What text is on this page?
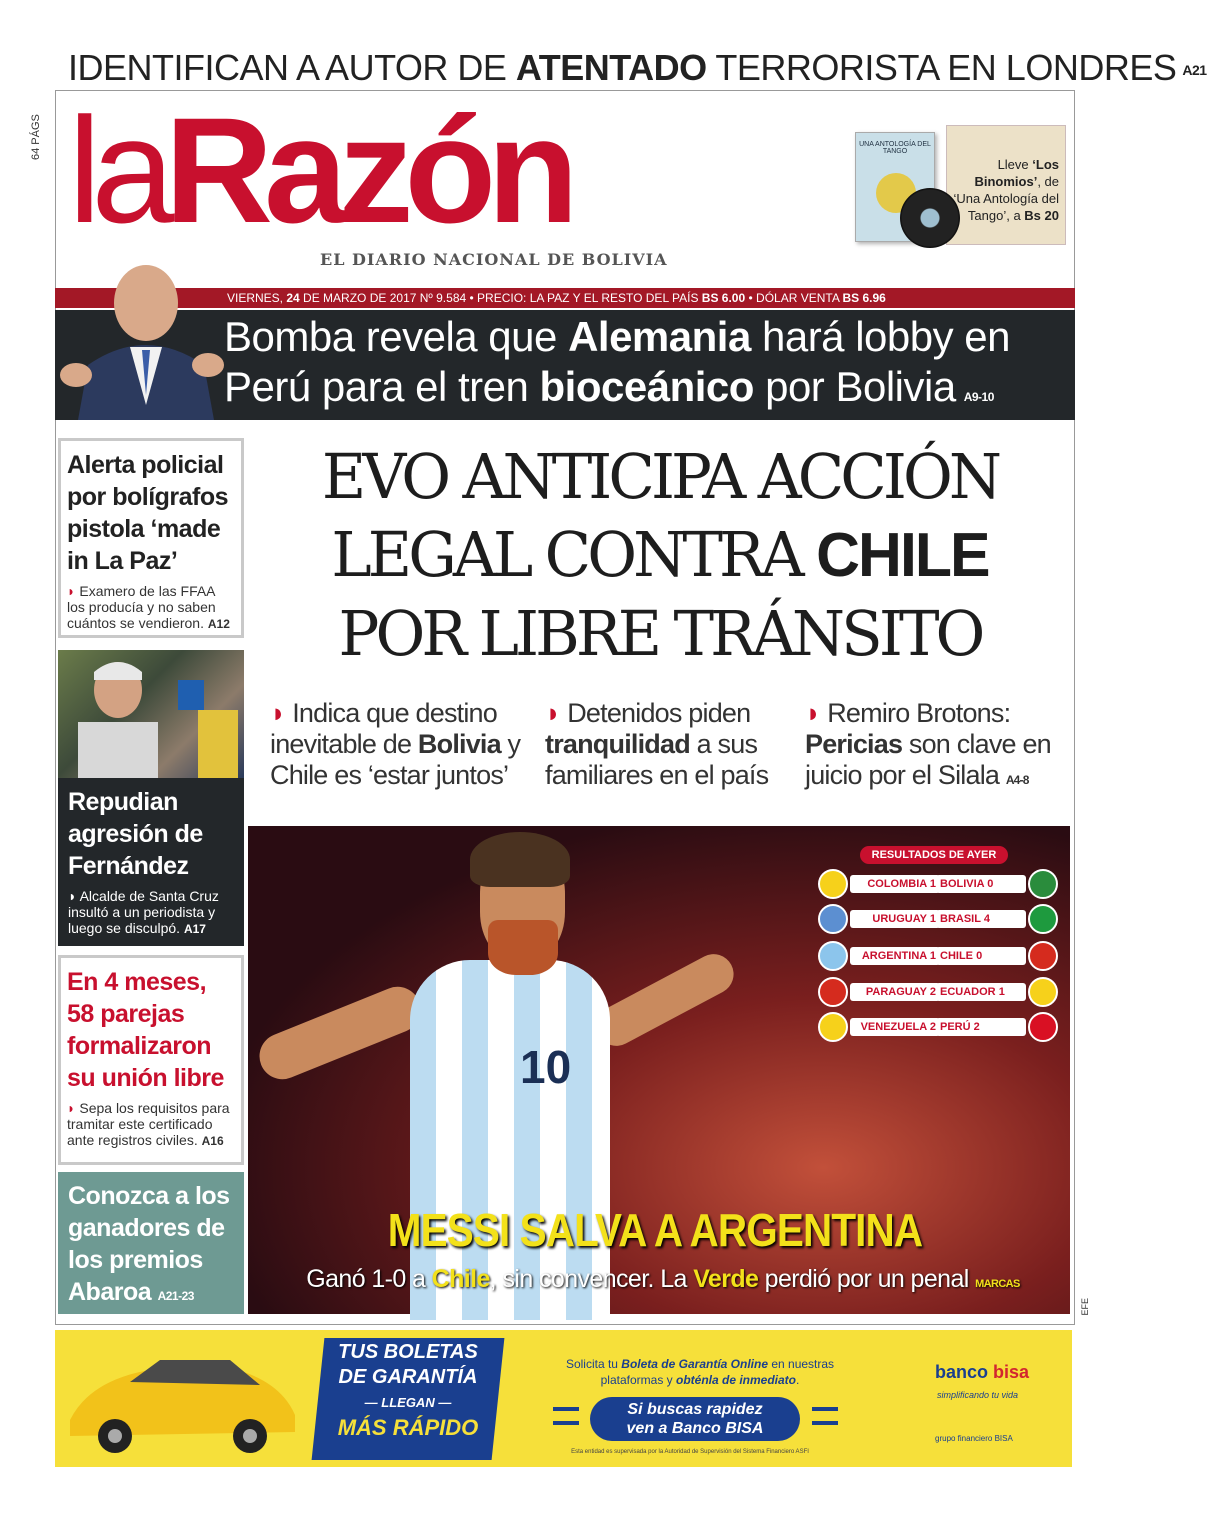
IDENTIFICAN A AUTOR DE ATENTADO TERRORISTA EN LONDRES A21
64 PÁGS laRazón
EL DIARIO NACIONAL DE BOLIVIA
UNA ANTOLOGÍA DEL TANGO
Lleve ‘Los Binomios’, de ‘Una Antología del Tango’, a Bs 20
VIERNES, 24 DE MARZO DE 2017 Nº 9.584 • PRECIO: LA PAZ Y EL RESTO DEL PAÍS BS 6.00 • DÓLAR VENTA BS 6.96
Bomba revela que Alemania hará lobby en Perú para el tren bioceánico por Bolivia A9-10
Alerta policial por bolígrafos pistola ‘made in La Paz’
◗ Examero de las FFAA los producía y no saben cuántos se vendieron. A12
Repudian agresión de Fernández
◗ Alcalde de Santa Cruz insultó a un periodista y luego se disculpó. A17
En 4 meses, 58 parejas formalizaron su unión libre
◗ Sepa los requisitos para tramitar este certificado ante registros civiles. A16
Conozca a los ganadores de los premios Abaroa A21-23
EVO ANTICIPA ACCIÓN
LEGAL CONTRA CHILE
POR LIBRE TRÁNSITO
◗ Indica que destino inevitable de Bolivia y Chile es ‘estar juntos’
◗ Detenidos piden tranquilidad a sus familiares en el país
◗ Remiro Brotons: Pericias son clave en juicio por el Silala A4-8
10
RESULTADOS DE AYER
COLOMBIA 1 BOLIVIA 0
URUGUAY 1 BRASIL 4
ARGENTINA 1 CHILE 0
PARAGUAY 2 ECUADOR 1
VENEZUELA 2 PERÚ 2
MESSI SALVA A ARGENTINA
Ganó 1-0 a Chile, sin convencer. La Verde perdió por un penal MARCAS
EFE
TUS BOLETAS
DE GARANTÍA
— LLEGAN —
MÁS RÁPIDO
Solicita tu Boleta de Garantía Online en nuestras plataformas y obténla de inmediato.
Si buscas rapidez
ven a Banco BISA
Esta entidad es supervisada por la Autoridad de Supervisión del Sistema Financiero ASFI
banco bisa
simplificando tu vida
grupo financiero BISA
